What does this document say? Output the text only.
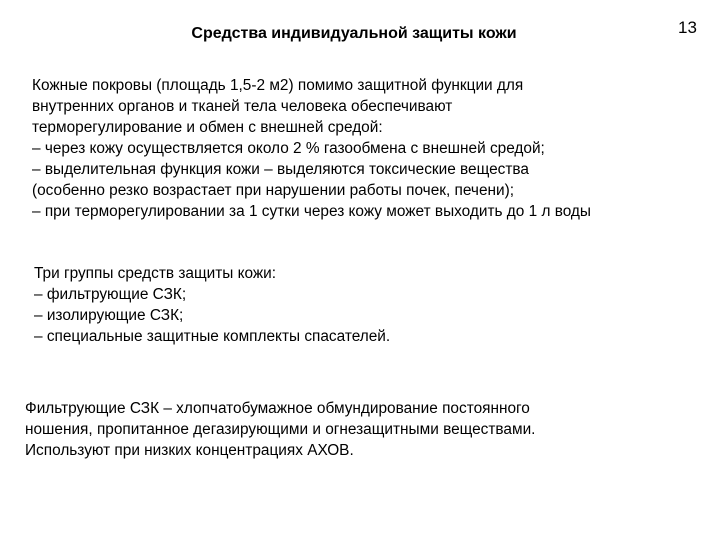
Средства индивидуальной защиты кожи	13

Кожные покровы (площадь 1,5-2 м2) помимо защитной функции для

внутренних органов и тканей тела человека обеспечивают

терморегулирование и обмен с внешней средой:

– через кожу осуществляется около 2 % газообмена с внешней средой;

– выделительная функция кожи – выделяются токсические вещества

(особенно резко возрастает при нарушении работы почек, печени);

– при терморегулировании за 1 сутки через кожу может выходить до 1 л воды

Три группы средств защиты кожи:

– фильтрующие СЗК;

– изолирующие СЗК;

– специальные защитные комплекты спасателей.

Фильтрующие СЗК – хлопчатобумажное обмундирование постоянного

ношения, пропитанное дегазирующими и огнезащитными веществами.

Используют при низких концентрациях АХОВ.
